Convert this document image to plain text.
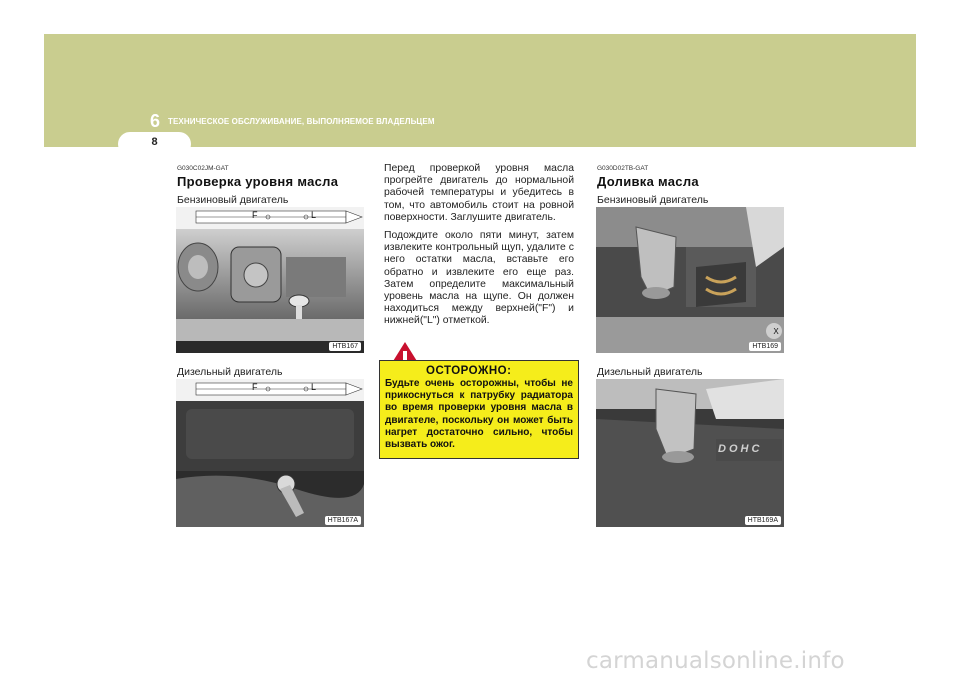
6 ТЕХНИЧЕСКОЕ ОБСЛУЖИВАНИЕ, ВЫПОЛНЯЕМОЕ ВЛАДЕЛЬЦЕМ
8
G030C02JM-GAT
Проверка уровня масла
Бензиновый двигатель
F	L
HTB167
Дизельный двигатель
F	L
HTB167A

Перед проверкой уровня масла прогрейте двигатель до нормальной рабочей температуры и убедитесь в том, что автомобиль стоит на ровной поверхности. Заглушите двигатель.

Подождите около пяти минут, затем извлеките контрольный щуп, удалите с него остатки масла, вставьте его обратно и извлеките его еще раз. Затем определите максимальный уровень масла на щупе. Он должен находиться между верхней("F") и нижней("L") отметкой.

ОСТОРОЖНО:
Будьте очень осторожны, чтобы не прикоснуться к патрубку радиатора во время проверки уровня масла в двигателе, поскольку он может быть нагрет достаточно сильно, чтобы вызвать ожог.
G030D02TB-GAT
Доливка масла
Бензиновый двигатель
X
HTB169
Дизельный двигатель
DOHC
HTB169A
carmanualsonline.info
